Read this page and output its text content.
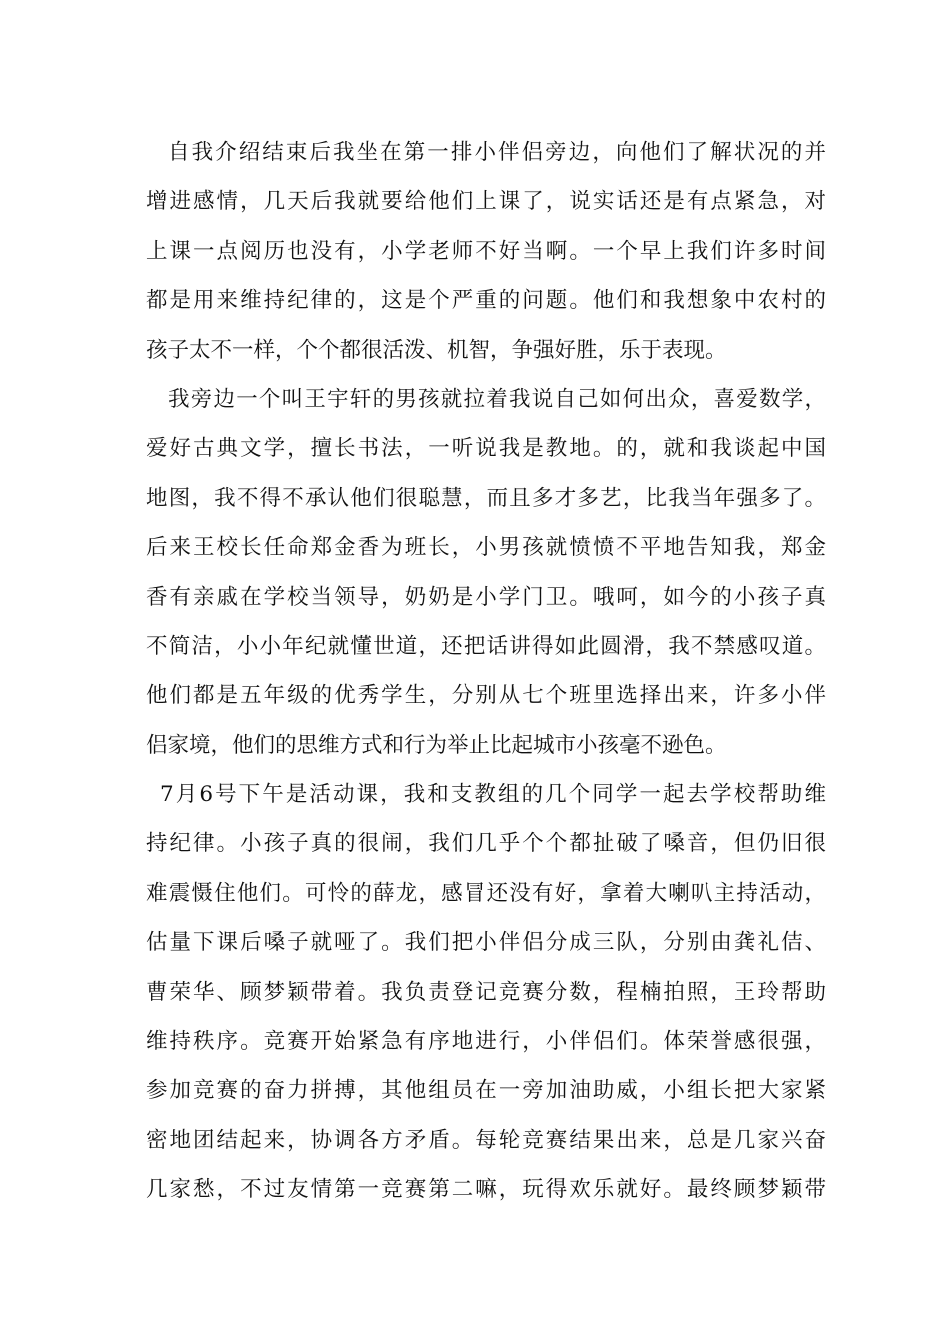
自我介绍结束后我坐在第一排小伴侣旁边，向他们了解状况的并
增进感情，几天后我就要给他们上课了，说实话还是有点紧急，对
上课一点阅历也没有，小学老师不好当啊。一个早上我们许多时间
都是用来维持纪律的，这是个严重的问题。他们和我想象中农村的
孩子太不一样，个个都很活泼、机智，争强好胜，乐于表现。
我旁边一个叫王宇轩的男孩就拉着我说自己如何出众，喜爱数学，
爱好古典文学，擅长书法，一听说我是教地。的，就和我谈起中国
地图，我不得不承认他们很聪慧，而且多才多艺，比我当年强多了。
后来王校长任命郑金香为班长，小男孩就愤愤不平地告知我，郑金
香有亲戚在学校当领导，奶奶是小学门卫。哦呵，如今的小孩子真
不简洁，小小年纪就懂世道，还把话讲得如此圆滑，我不禁感叹道。
他们都是五年级的优秀学生，分别从七个班里选择出来，许多小伴
侣家境，他们的思维方式和行为举止比起城市小孩毫不逊色。
7月6号下午是活动课，我和支教组的几个同学一起去学校帮助维
持纪律。小孩子真的很闹，我们几乎个个都扯破了嗓音，但仍旧很
难震慑住他们。可怜的薛龙，感冒还没有好，拿着大喇叭主持活动，
估量下课后嗓子就哑了。我们把小伴侣分成三队，分别由龚礼佶、
曹荣华、顾梦颖带着。我负责登记竞赛分数，程楠拍照，王玲帮助
维持秩序。竞赛开始紧急有序地进行，小伴侣们。体荣誉感很强，
参加竞赛的奋力拼搏，其他组员在一旁加油助威，小组长把大家紧
密地团结起来，协调各方矛盾。每轮竞赛结果出来，总是几家兴奋
几家愁，不过友情第一竞赛第二嘛，玩得欢乐就好。最终顾梦颖带
